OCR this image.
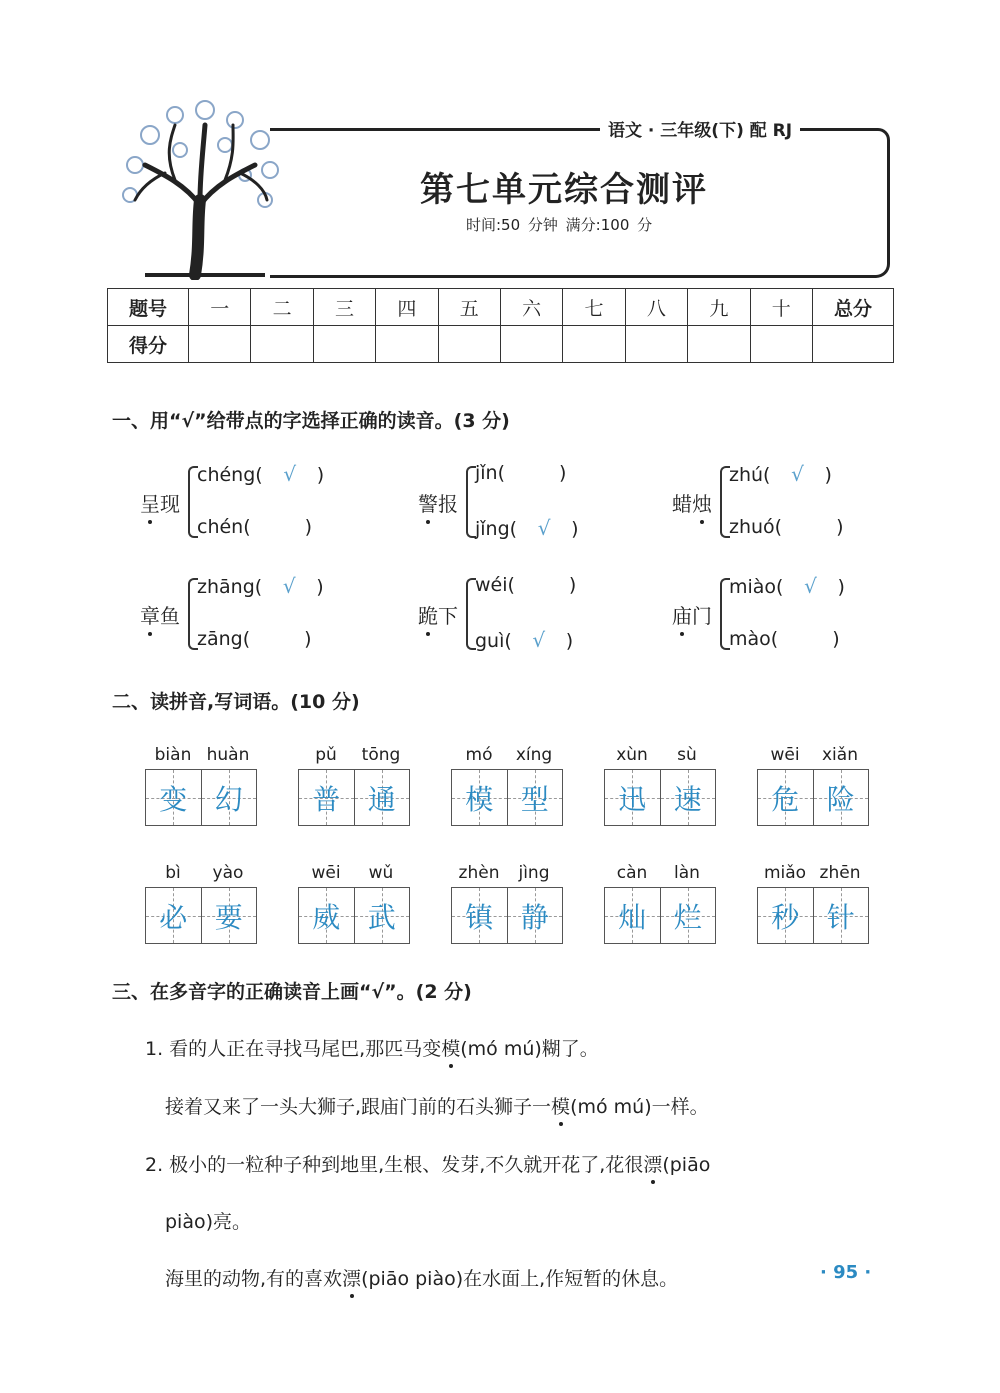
语文 · 三年级(下) 配 RJ
第七单元综合测评
时间:50 分钟 满分:100 分
题号	一	二	三	四	五	六	七	八	九	十	总分
得分											
一、用“√”给带点的字选择正确的读音。(3 分)
呈现
chéng( √ )
chén(	)
警报
jǐn(	)
jǐng( √ )
蜡烛
zhú( √ )
zhuó(	)
章鱼
zhāng( √ )
zāng(	)
跪下
wéi(	)
guì( √ )
庙门
miào( √ )
mào(	)
二、读拼音,写词语。(10 分)
biàn huàn
变 幻
pǔ	tōng
普 通
mó	xíng
模 型
xùn	sù
迅 速
wēi	xiǎn
危 险
bì	yào
必 要
wēi	wǔ
威 武
zhèn	jìng
镇 静
càn	làn
灿 烂
miǎo zhēn
秒 针
三、在多音字的正确读音上画“√”。(2 分)
1. 看的人正在寻找马尾巴,那匹马变模(mó mú)糊了。
接着又来了一头大狮子,跟庙门前的石头狮子一模(mó mú)一样。
2. 极小的一粒种子种到地里,生根、发芽,不久就开花了,花很漂(piāo
piào)亮。
海里的动物,有的喜欢漂(piāo piào)在水面上,作短暂的休息。	· 95 ·
